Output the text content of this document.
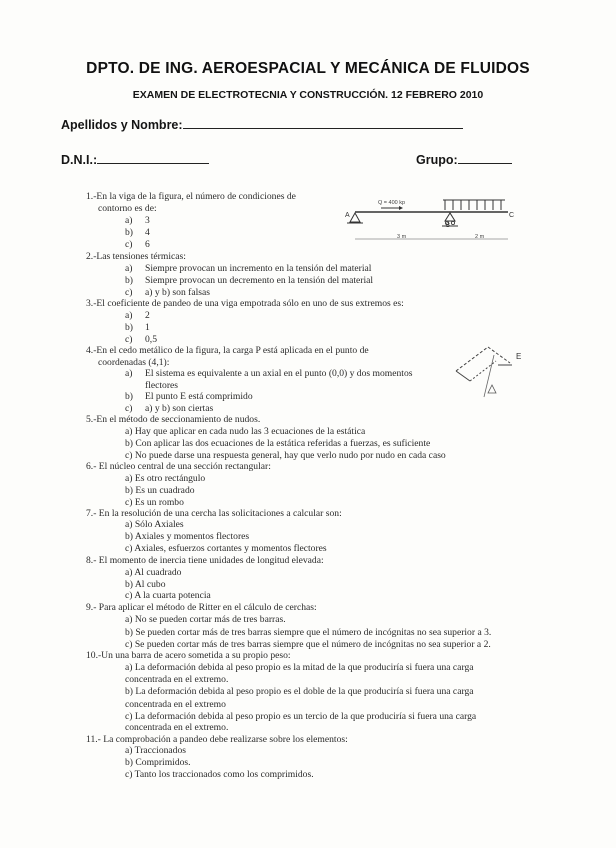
DPTO. DE ING. AEROESPACIAL Y MECÁNICA DE FLUIDOS
EXAMEN DE ELECTROTECNIA Y CONSTRUCCIÓN. 12 FEBRERO 2010
Apellidos y Nombre:
D.N.I.:	Grupo:
A	C
B
Q = 400 kp
3 m	2 m
E
1.-En la viga de la figura, el número de condiciones de
contorno es de:
a) 3
b) 4
c) 6
2.-Las tensiones térmicas:
a) Siempre provocan un incremento en la tensión del material
b) Siempre provocan un decremento en la tensión del material
c) a) y b) son falsas
3.-El coeficiente de pandeo de una viga empotrada sólo en uno de sus extremos es:
a) 2
b) 1
c) 0,5
4.-En el cedo metálico de la figura, la carga P está aplicada en el punto de
coordenadas (4,1):
a) El sistema es equivalente a un axial en el punto (0,0) y dos momentos
flectores
b) El punto E está comprimido
c) a) y b) son ciertas
5.-En el método de seccionamiento de nudos.
a) Hay que aplicar en cada nudo las 3 ecuaciones de la estática
b) Con aplicar las dos ecuaciones de la estática referidas a fuerzas, es suficiente
c) No puede darse una respuesta general, hay que verlo nudo por nudo en cada caso
6.- El núcleo central de una sección rectangular:
a) Es otro rectángulo
b) Es un cuadrado
c) Es un rombo
7.- En la resolución de una cercha las solicitaciones a calcular son:
a) Sólo Axiales
b) Axiales y momentos flectores
c) Axiales, esfuerzos cortantes y momentos flectores
8.- El momento de inercia tiene unidades de longitud elevada:
a) Al cuadrado
b) Al cubo
c) A la cuarta potencia
9.- Para aplicar el método de Ritter en el cálculo de cerchas:
a) No se pueden cortar más de tres barras.
b) Se pueden cortar más de tres barras siempre que el número de incógnitas no sea superior a 3.
c) Se pueden cortar más de tres barras siempre que el número de incógnitas no sea superior a 2.
10.-Un una barra de acero sometida a su propio peso:
a) La deformación debida al peso propio es la mitad de la que produciría si fuera una carga
concentrada en el extremo.
b) La deformación debida al peso propio es el doble de la que produciría si fuera una carga
concentrada en el extremo
c) La deformación debida al peso propio es un tercio de la que produciría si fuera una carga
concentrada en el extremo.
11.- La comprobación a pandeo debe realizarse sobre los elementos:
a) Traccionados
b) Comprimidos.
c) Tanto los traccionados como los comprimidos.
